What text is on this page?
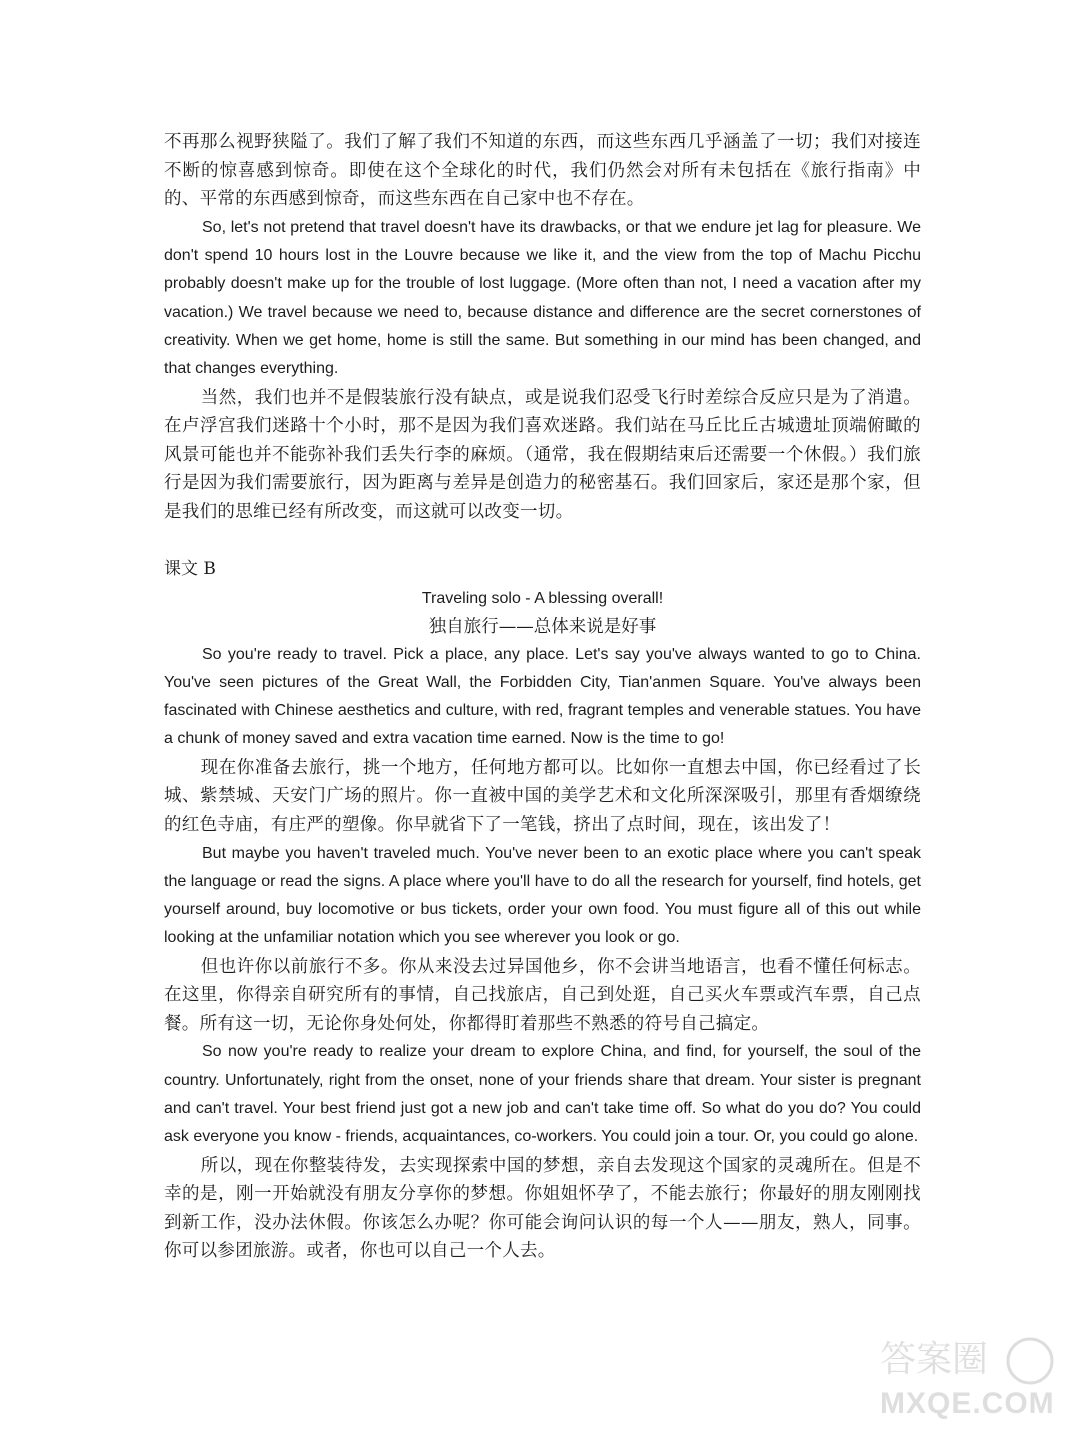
不再那么视野狭隘了。我们了解了我们不知道的东西，而这些东西几乎涵盖了一切；我们对接连不断的惊喜感到惊奇。即使在这个全球化的时代，我们仍然会对所有未包括在《旅行指南》中的、平常的东西感到惊奇，而这些东西在自己家中也不存在。

So, let's not pretend that travel doesn't have its drawbacks, or that we endure jet lag for pleasure. We don't spend 10 hours lost in the Louvre because we like it, and the view from the top of Machu Picchu probably doesn't make up for the trouble of lost luggage. (More often than not, I need a vacation after my vacation.) We travel because we need to, because distance and difference are the secret cornerstones of creativity. When we get home, home is still the same. But something in our mind has been changed, and that changes everything.

当然，我们也并不是假装旅行没有缺点，或是说我们忍受飞行时差综合反应只是为了消遣。在卢浮宫我们迷路十个小时，那不是因为我们喜欢迷路。我们站在马丘比丘古城遗址顶端俯瞰的风景可能也并不能弥补我们丢失行李的麻烦。（通常，我在假期结束后还需要一个休假。）我们旅行是因为我们需要旅行，因为距离与差异是创造力的秘密基石。我们回家后，家还是那个家，但是我们的思维已经有所改变，而这就可以改变一切。

课文 B
Traveling solo - A blessing overall!
独自旅行——总体来说是好事

So you're ready to travel. Pick a place, any place. Let's say you've always wanted to go to China. You've seen pictures of the Great Wall, the Forbidden City, Tian'anmen Square. You've always been fascinated with Chinese aesthetics and culture, with red, fragrant temples and venerable statues. You have a chunk of money saved and extra vacation time earned. Now is the time to go!

现在你准备去旅行，挑一个地方，任何地方都可以。比如你一直想去中国，你已经看过了长城、紫禁城、天安门广场的照片。你一直被中国的美学艺术和文化所深深吸引，那里有香烟缭绕的红色寺庙，有庄严的塑像。你早就省下了一笔钱，挤出了点时间，现在，该出发了！

But maybe you haven't traveled much. You've never been to an exotic place where you can't speak the language or read the signs. A place where you'll have to do all the research for yourself, find hotels, get yourself around, buy locomotive or bus tickets, order your own food. You must figure all of this out while looking at the unfamiliar notation which you see wherever you look or go.

但也许你以前旅行不多。你从来没去过异国他乡，你不会讲当地语言，也看不懂任何标志。在这里，你得亲自研究所有的事情，自己找旅店，自己到处逛，自己买火车票或汽车票，自己点餐。所有这一切，无论你身处何处，你都得盯着那些不熟悉的符号自己搞定。

So now you're ready to realize your dream to explore China, and find, for yourself, the soul of the country. Unfortunately, right from the onset, none of your friends share that dream. Your sister is pregnant and can't travel. Your best friend just got a new job and can't take time off. So what do you do? You could ask everyone you know - friends, acquaintances, co-workers. You could join a tour. Or, you could go alone.

所以，现在你整装待发，去实现探索中国的梦想，亲自去发现这个国家的灵魂所在。但是不幸的是，刚一开始就没有朋友分享你的梦想。你姐姐怀孕了，不能去旅行；你最好的朋友刚刚找到新工作，没办法休假。你该怎么办呢？你可能会询问认识的每一个人——朋友，熟人，同事。你可以参团旅游。或者，你也可以自己一个人去。

答案圈
MXQE.COM
